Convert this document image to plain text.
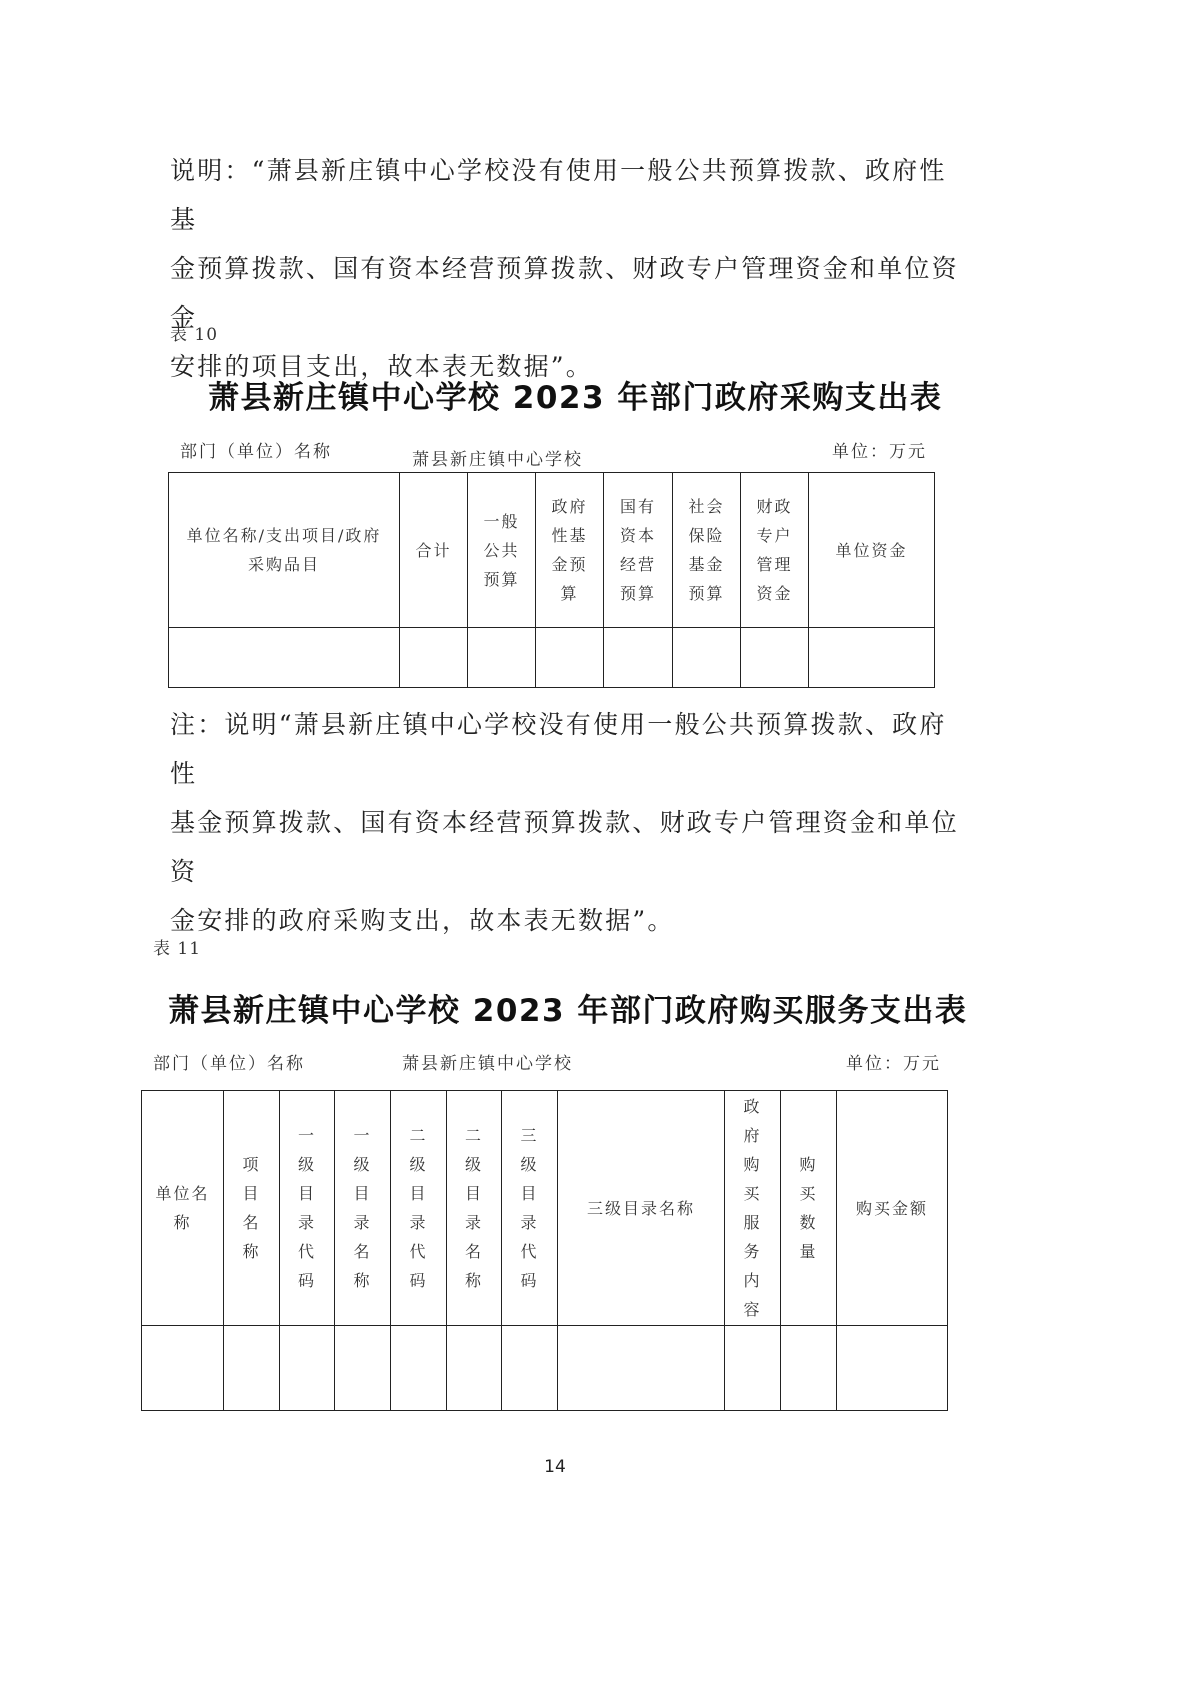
说明：“萧县新庄镇中心学校没有使用一般公共预算拨款、政府性基
金预算拨款、国有资本经营预算拨款、财政专户管理资金和单位资金
安排的项目支出，故本表无数据”。
表 10
萧县新庄镇中心学校 2023 年部门政府采购支出表
部门（单位）名称	萧县新庄镇中心学校	单位：万元
单位名称/支出项目/政府采购品目	合计	一般公共预算	政府性基金预算	国有资本经营预算	社会保险基金预算	财政专户管理资金	单位资金

注：说明“萧县新庄镇中心学校没有使用一般公共预算拨款、政府性
基金预算拨款、国有资本经营预算拨款、财政专户管理资金和单位资
金安排的政府采购支出，故本表无数据”。
表 11
萧县新庄镇中心学校 2023 年部门政府购买服务支出表
部门（单位）名称	萧县新庄镇中心学校	单位：万元
单位名称	项目名称	一级目录代码	一级目录名称	二级目录代码	二级目录名称	三级目录代码	三级目录名称	政府购买服务内容	购买数量	购买金额

14
